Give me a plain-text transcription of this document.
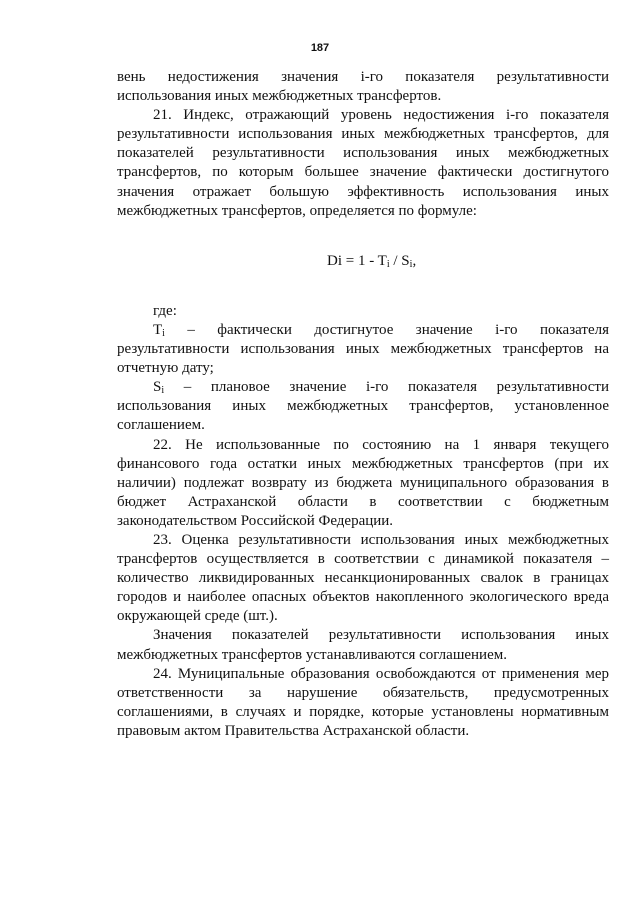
187

вень недостижения значения i-го показателя результативности использования иных межбюджетных трансфертов.

21. Индекс, отражающий уровень недостижения i-го показателя результативности использования иных межбюджетных трансфертов, для показателей результативности использования иных межбюджетных трансфертов, по которым большее значение фактически достигнутого значения отражает большую эффективность использования иных межбюджетных трансфертов, определяется по формуле:

$Di = 1 - T_i / S_i$,

где:

$T_i$ – фактически достигнутое значение i-го показателя результативности использования иных межбюджетных трансфертов на отчетную дату;

$S_i$ – плановое значение i-го показателя результативности использования иных межбюджетных трансфертов, установленное соглашением.

22. Не использованные по состоянию на 1 января текущего финансового года остатки иных межбюджетных трансфертов (при их наличии) подлежат возврату из бюджета муниципального образования в бюджет Астраханской области в соответствии с бюджетным законодательством Российской Федерации.

23. Оценка результативности использования иных межбюджетных трансфертов осуществляется в соответствии с динамикой показателя – количество ликвидированных несанкционированных свалок в границах городов и наиболее опасных объектов накопленного экологического вреда окружающей среде (шт.).

Значения показателей результативности использования иных межбюджетных трансфертов устанавливаются соглашением.

24. Муниципальные образования освобождаются от применения мер ответственности за нарушение обязательств, предусмотренных соглашениями, в случаях и порядке, которые установлены нормативным правовым актом Правительства Астраханской области.
